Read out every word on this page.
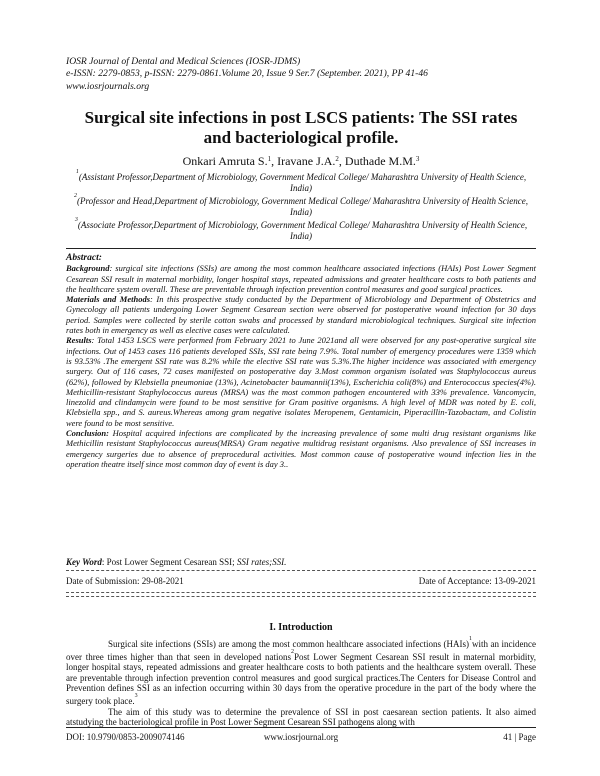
IOSR Journal of Dental and Medical Sciences (IOSR-JDMS)
e-ISSN: 2279-0853, p-ISSN: 2279-0861.Volume 20, Issue 9 Ser.7 (September. 2021), PP 41-46
www.iosrjournals.org
Surgical site infections in post LSCS patients: The SSI rates
and bacteriological profile.
Onkari Amruta S.$^1$, Iravane J.A.$^2$, Duthade M.M.$^3$
$^1$(Assistant Professor,Department of Microbiology, Government Medical College/ Maharashtra University of Health Science, India)
$^2$(Professor and Head,Department of Microbiology, Government Medical College/ Maharashtra University of Health Science, India)
$^3$(Associate Professor,Department of Microbiology, Government Medical College/ Maharashtra University of Health Science, India)
Abstract:

Background: surgical site infections (SSIs) are among the most common healthcare associated infections (HAIs) Post Lower Segment Cesarean SSI result in maternal morbidity, longer hospital stays, repeated admissions and greater healthcare costs to both patients and the healthcare system overall. These are preventable through infection prevention control measures and good surgical practices.

Materials and Methods: In this prospective study conducted by the Department of Microbiology and Department of Obstetrics and Gynecology all patients undergoing Lower Segment Cesarean section were observed for postoperative wound infection for 30 days period. Samples were collected by sterile cotton swabs and processed by standard microbiological techniques. Surgical site infection rates both in emergency as well as elective cases were calculated.

Results: Total 1453 LSCS were performed from February 2021 to June 2021and all were observed for any post-operative surgical site infections. Out of 1453 cases 116 patients developed SSIs, SSI rate being 7.9%. Total number of emergency procedures were 1359 which is 93.53% .The emergent SSI rate was 8.2% while the elective SSI rate was 5.3%.The higher incidence was associated with emergency surgery. Out of 116 cases, 72 cases manifested on postoperative day 3.Most common organism isolated was Staphylococcus aureus (62%), followed by Klebsiella pneumoniae (13%), Acinetobacter baumannii(13%), Escherichia coli(8%) and Enterococcus species(4%). Methicillin-resistant Staphylococcus aureus (MRSA) was the most common pathogen encountered with 33% prevalence. Vancomycin, linezolid and clindamycin were found to be most sensitive for Gram positive organisms. A high level of MDR was noted by E. coli, Klebsiella spp., and S. aureus.Whereas among gram negative isolates Meropenem, Gentamicin, Piperacillin-Tazobactam, and Colistin were found to be most sensitive.

Conclusion: Hospital acquired infections are complicated by the increasing prevalence of some multi drug resistant organisms like Methicillin resistant Staphylococcus aureus(MRSA) Gram negative multidrug resistant organisms. Also prevalence of SSI increases in emergency surgeries due to absence of preprocedural activities. Most common cause of postoperative wound infection lies in the operation theatre itself since most common day of event is day 3..

Key Word: Post Lower Segment Cesarean SSI; SSI rates;SSI.
Date of Submission: 29-08-2021	Date of Acceptance: 13-09-2021
I. Introduction

Surgical site infections (SSIs) are among the most common healthcare associated infections (HAIs)$^1$with an incidence over three times higher than that seen in developed nations$^2$Post Lower Segment Cesarean SSI result in maternal morbidity, longer hospital stays, repeated admissions and greater healthcare costs to both patients and the healthcare system overall. These are preventable through infection prevention control measures and good surgical practices.The Centers for Disease Control and Prevention defines SSI as an infection occurring within 30 days from the operative procedure in the part of the body where the surgery took place.$^3$

The aim of this study was to determine the prevalence of SSI in post caesarean section patients. It also aimed atstudying the bacteriological profile in Post Lower Segment Cesarean SSI pathogens along with

DOI: 10.9790/0853-2009074146	www.iosrjournal.org	41 | Page
